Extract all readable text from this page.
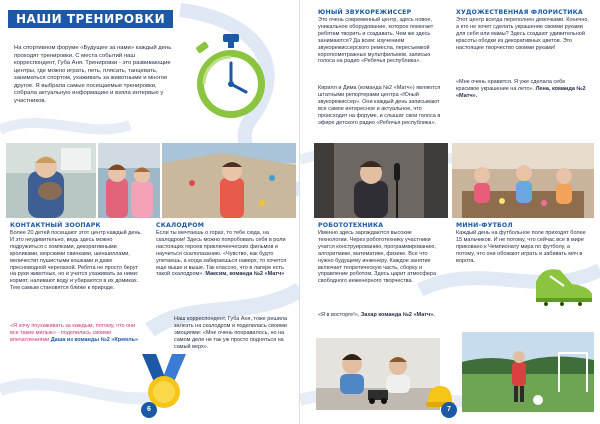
НАШИ ТРЕНИРОВКИ
На спортивном форуме «Будущее за нами» каждый день проходят тренировки. С места событий наш корреспондент, Губа Аня. Тренировки - это развивающие центры, где можно играть, петь, плясать, танцевать, заниматься спортом, ухаживать за животными и многое другое. Я выбрала самые посещаемые тренировки, собрала актуальную информацию и взяла интервью у участников.
КОНТАКТНЫЙ ЗООПАРК
Более 20 детей посещают этот центр каждый день. И это неудивительно, ведь здесь можно подружиться с хомяками, декоративными кроликами, морскими свинками, шиншиллами, величествт пушистыми кошками и даже пресноводной черепахой. Ребята не просто берут на руки животных, но и учатся ухаживать за ними: кормят, наливают воду и убираются в их домиках. Тем самым становятся ближе к природе.
«Я хочу поухаживать за каждым, потому, что они все такие милые» - поделилась своими впечатлениями Даша из команды №2 «Кремль»
СКАЛОДРОМ
Если ты мечтаешь о горах, то тебе сюда, на скалодром! Здесь можно попробовать себя в роли настоящих героев приключенческих фильмов и научиться скалолазанию. «Чувство, как будто улетаешь, а когда забираешься наверх, то хочется еще выше и выше. Так классно, что в лагере есть такой скалодром». Максим, команда №2 «Матч»
Наш корреспондент, Губа Аня, тоже решила залезть на скалодром и поделилась своими эмоциями: «Мне очень понравилось, но на самом деле не так уж просто подняться на самый верх».
6
ЮНЫЙ ЗВУКОРЕЖИССЕР
Это очень современный центр, здесь новое, уникальное оборудование, которое помогает ребятам творить и создавать. Чем же здесь занимаются? Да всем: изучением звукорежиссерского ремесла, пересъемкой короткометражных мультфильмов, записью голоса на радио «Ребячья республика».
Кирилл и Дима (команда №2 «Матч») являются штатными репортерами центра «Юный звукорежиссер». Они каждый день записывают все самое интересное и актуальное, что происходит на форуме, и слышат свои голоса в эфире детского радио «Ребячья республика».
ХУДОЖЕСТВЕННАЯ ФЛОРИСТИКА
Этот центр всегда переполнен девочками. Конечно, а кто не хочет сделать украшение своими руками для себя или мамы? Здесь создают удивительной красоты ободки из декоративных цветов. Это настоящее творчество своими руками!
«Мне очень нравится. Я уже сделала себе красивое украшение на лето». Лена, команда №2 «Матч».
РОБОТОТЕХНИКА
Именно здесь зарождаются высокие технологии. Через робототехнику участники учатся конструированию, программированию, алгоритмике, математике, физике. Все что нужно будущему инженеру. Каждое занятие включает теоретическую часть, сборку и управление роботом. Здесь царит атмосфера свободного инженерного творчества.
«Я в восторге!», Захар команда №2 «Матч».
МИНИ-ФУТБОЛ
Каждый день на футбольное поле приходят более 15 мальчиков. И не потому, что сейчас все в мире приковано к Чемпионату мира по футболу, а потому, что они обожают играть и забивать мяч в ворота.
7
